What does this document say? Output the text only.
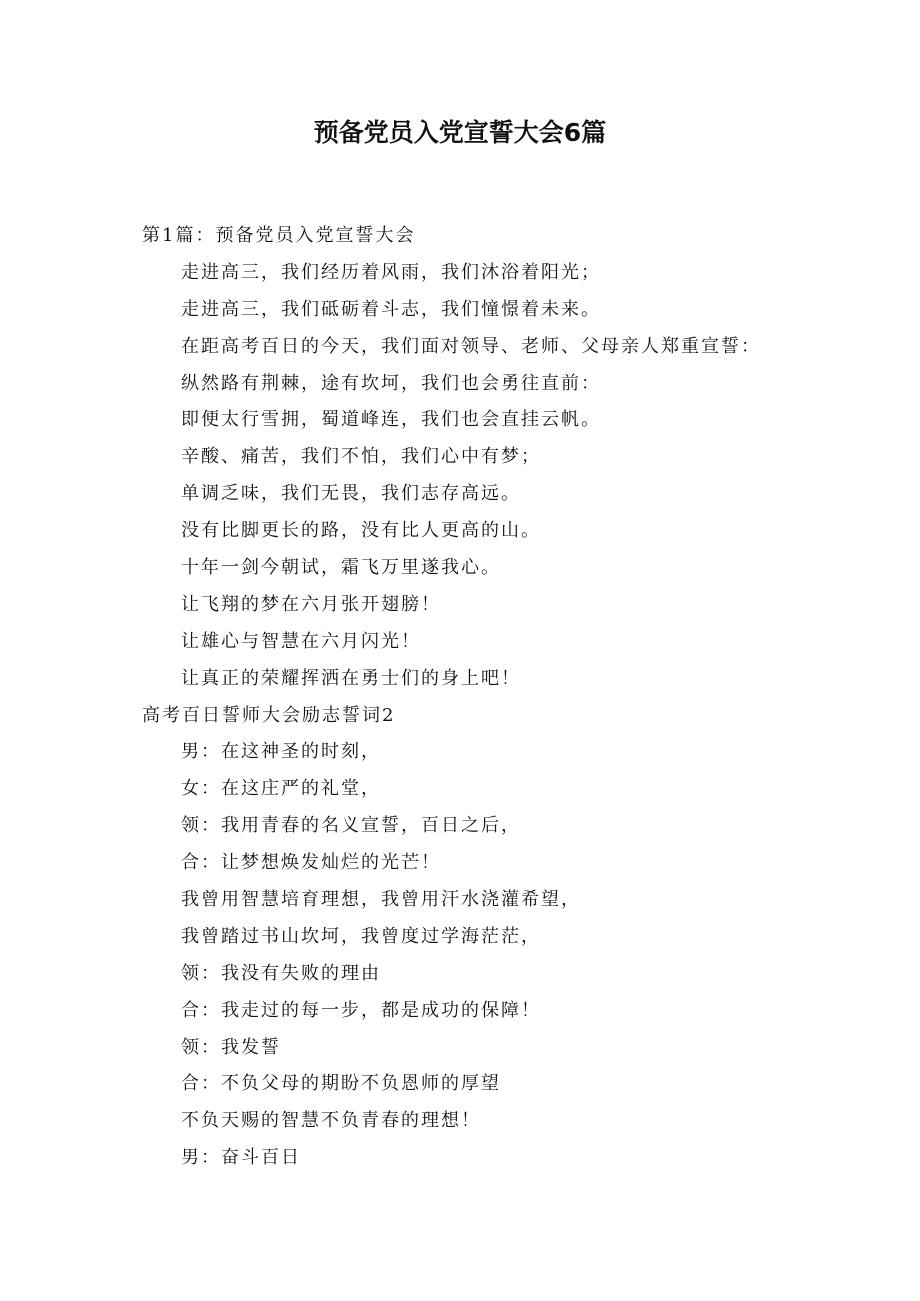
预备党员入党宣誓大会6篇
第1篇：预备党员入党宣誓大会
走进高三，我们经历着风雨，我们沐浴着阳光；
走进高三，我们砥砺着斗志，我们憧憬着未来。
在距高考百日的今天，我们面对领导、老师、父母亲人郑重宣誓：
纵然路有荆棘，途有坎坷，我们也会勇往直前：
即便太行雪拥，蜀道峰连，我们也会直挂云帆。
辛酸、痛苦，我们不怕，我们心中有梦；
单调乏味，我们无畏，我们志存高远。
没有比脚更长的路，没有比人更高的山。
十年一剑今朝试，霜飞万里遂我心。
让飞翔的梦在六月张开翅膀！
让雄心与智慧在六月闪光！
让真正的荣耀挥洒在勇士们的身上吧！
高考百日誓师大会励志誓词2
男：在这神圣的时刻，
女：在这庄严的礼堂，
领：我用青春的名义宣誓，百日之后，
合：让梦想焕发灿烂的光芒！
我曾用智慧培育理想，我曾用汗水浇灌希望，
我曾踏过书山坎坷，我曾度过学海茫茫，
领：我没有失败的理由
合：我走过的每一步，都是成功的保障！
领：我发誓
合：不负父母的期盼不负恩师的厚望
不负天赐的智慧不负青春的理想！
男：奋斗百日
